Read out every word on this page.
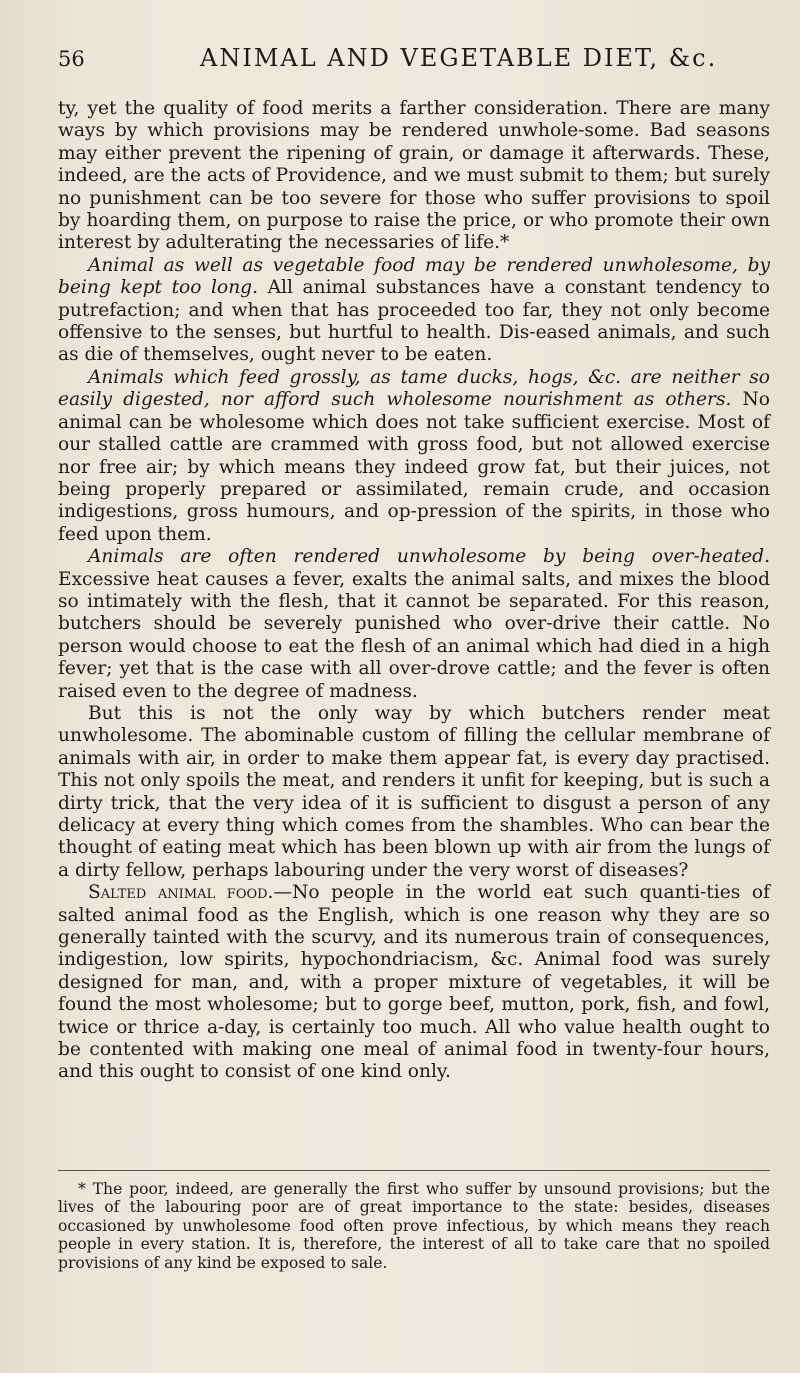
56	ANIMAL AND VEGETABLE DIET, &c.

ty, yet the quality of food merits a farther consideration. There are many ways by which provisions may be rendered unwhole-some. Bad seasons may either prevent the ripening of grain, or damage it afterwards. These, indeed, are the acts of Providence, and we must submit to them; but surely no punishment can be too severe for those who suffer provisions to spoil by hoarding them, on purpose to raise the price, or who promote their own interest by adulterating the necessaries of life.*

Animal as well as vegetable food may be rendered unwholesome, by being kept too long. All animal substances have a constant tendency to putrefaction; and when that has proceeded too far, they not only become offensive to the senses, but hurtful to health. Dis-eased animals, and such as die of themselves, ought never to be eaten.

Animals which feed grossly, as tame ducks, hogs, &c. are neither so easily digested, nor afford such wholesome nourishment as others. No animal can be wholesome which does not take sufficient exercise. Most of our stalled cattle are crammed with gross food, but not allowed exercise nor free air; by which means they indeed grow fat, but their juices, not being properly prepared or assimilated, remain crude, and occasion indigestions, gross humours, and op-pression of the spirits, in those who feed upon them.

Animals are often rendered unwholesome by being over-heated. Excessive heat causes a fever, exalts the animal salts, and mixes the blood so intimately with the flesh, that it cannot be separated. For this reason, butchers should be severely punished who over-drive their cattle. No person would choose to eat the flesh of an animal which had died in a high fever; yet that is the case with all over-drove cattle; and the fever is often raised even to the degree of madness.

But this is not the only way by which butchers render meat unwholesome. The abominable custom of filling the cellular membrane of animals with air, in order to make them appear fat, is every day practised. This not only spoils the meat, and renders it unfit for keeping, but is such a dirty trick, that the very idea of it is sufficient to disgust a person of any delicacy at every thing which comes from the shambles. Who can bear the thought of eating meat which has been blown up with air from the lungs of a dirty fellow, perhaps labouring under the very worst of diseases?

Salted animal food.—No people in the world eat such quanti-ties of salted animal food as the English, which is one reason why they are so generally tainted with the scurvy, and its numerous train of consequences, indigestion, low spirits, hypochondriacism, &c. Animal food was surely designed for man, and, with a proper mixture of vegetables, it will be found the most wholesome; but to gorge beef, mutton, pork, fish, and fowl, twice or thrice a-day, is certainly too much. All who value health ought to be contented with making one meal of animal food in twenty-four hours, and this ought to consist of one kind only.

* The poor, indeed, are generally the first who suffer by unsound provisions; but the lives of the labouring poor are of great importance to the state: besides, diseases occasioned by unwholesome food often prove infectious, by which means they reach people in every station. It is, therefore, the interest of all to take care that no spoiled provisions of any kind be exposed to sale.
